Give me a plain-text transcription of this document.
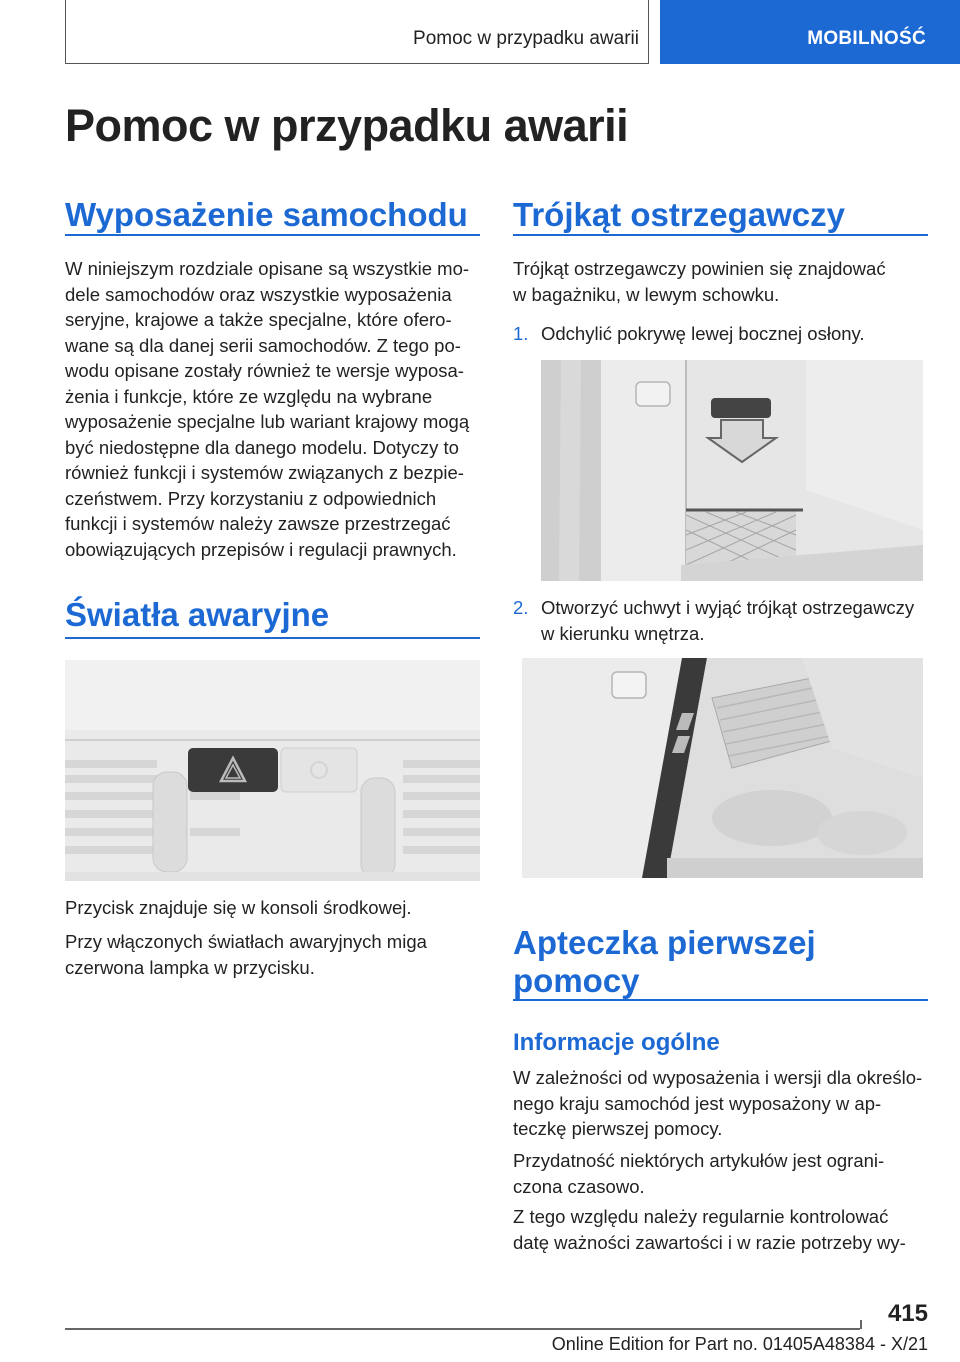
Pomoc w przypadku awarii	MOBILNOŚĆ
Pomoc w przypadku awarii
Wyposażenie samochodu
W niniejszym rozdziale opisane są wszystkie mo‐
dele samochodów oraz wszystkie wyposażenia
seryjne, krajowe a także specjalne, które ofero‐
wane są dla danej serii samochodów. Z tego po‐
wodu opisane zostały również te wersje wyposa‐
żenia i funkcje, które ze względu na wybrane
wyposażenie specjalne lub wariant krajowy mogą
być niedostępne dla danego modelu. Dotyczy to
również funkcji i systemów związanych z bezpie‐
czeństwem. Przy korzystaniu z odpowiednich
funkcji i systemów należy zawsze przestrzegać
obowiązujących przepisów i regulacji prawnych.
Światła awaryjne
Przycisk znajduje się w konsoli środkowej.
Przy włączonych światłach awaryjnych miga
czerwona lampka w przycisku.
Trójkąt ostrzegawczy
Trójkąt ostrzegawczy powinien się znajdować
w bagażniku, w lewym schowku.
1. Odchylić pokrywę lewej bocznej osłony.
2. Otworzyć uchwyt i wyjąć trójkąt ostrzegawczy
w kierunku wnętrza.
Apteczka pierwszej
pomocy
Informacje ogólne
W zależności od wyposażenia i wersji dla określo‐
nego kraju samochód jest wyposażony w ap‐
teczkę pierwszej pomocy.
Przydatność niektórych artykułów jest ograni‐
czona czasowo.
Z tego względu należy regularnie kontrolować
datę ważności zawartości i w razie potrzeby wy‐
415
Online Edition for Part no. 01405A48384 - X/21
